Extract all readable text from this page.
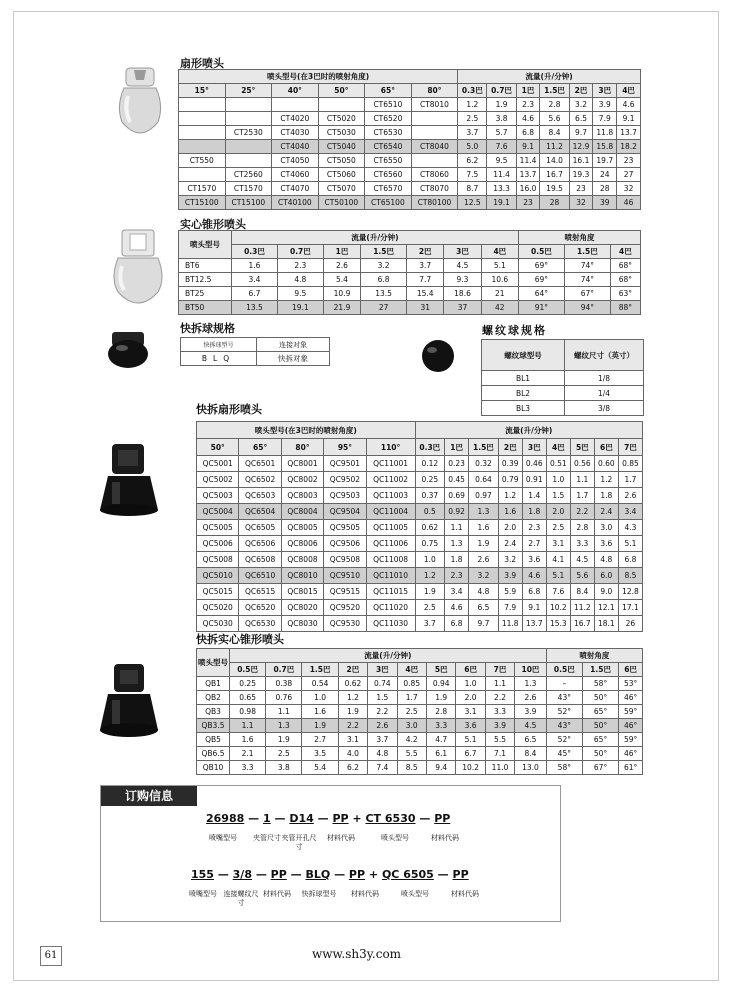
扇形喷头
喷头型号(在3巴时的喷射角度)						流量(升/分钟)						
15°	25°	40°	50°	65°	80°	0.3巴	0.7巴	1巴	1.5巴	2巴	3巴	4巴
				CT6510	CT8010	1.2	1.9	2.3	2.8	3.2	3.9	4.6
		CT4020	CT5020	CT6520		2.5	3.8	4.6	5.6	6.5	7.9	9.1
	CT2530	CT4030	CT5030	CT6530		3.7	5.7	6.8	8.4	9.7	11.8	13.7
		CT4040	CT5040	CT6540	CT8040	5.0	7.6	9.1	11.2	12.9	15.8	18.2
CT550		CT4050	CT5050	CT6550		6.2	9.5	11.4	14.0	16.1	19.7	23
	CT2560	CT4060	CT5060	CT6560	CT8060	7.5	11.4	13.7	16.7	19.3	24	27
CT1570	CT1570	CT4070	CT5070	CT6570	CT8070	8.7	13.3	16.0	19.5	23	28	32
CT15100	CT15100	CT40100	CT50100	CT65100	CT80100	12.5	19.1	23	28	32	39	46
实心锥形喷头
喷头型号	流量(升/分钟)							喷射角度		
	0.3巴	0.7巴	1巴	1.5巴	2巴	3巴	4巴	0.5巴	1.5巴	4巴
BT6	1.6	2.3	2.6	3.2	3.7	4.5	5.1	69°	74°	68°
BT12.5	3.4	4.8	5.4	6.8	7.7	9.3	10.6	69°	74°	68°
BT25	6.7	9.5	10.9	13.5	15.4	18.6	21	64°	67°	63°
BT50	13.5	19.1	21.9	27	31	37	42	91°	94°	88°
快拆球规格
快拆球型号	连接对象
BLQ	快拆对象
螺纹球规格
螺纹球型号	螺纹尺寸（英寸）
BL1	1/8
BL2	1/4
BL3	3/8
快拆扇形喷头
喷头型号(在3巴时的喷射角度)					流量(升/分钟)								
50°	65°	80°	95°	110°	0.3巴	1巴	1.5巴	2巴	3巴	4巴	5巴	6巴	7巴
QC5001	QC6501	QC8001	QC9501	QC11001	0.12	0.23	0.32	0.39	0.46	0.51	0.56	0.60	0.85
QC5002	QC6502	QC8002	QC9502	QC11002	0.25	0.45	0.64	0.79	0.91	1.0	1.1	1.2	1.7
QC5003	QC6503	QC8003	QC9503	QC11003	0.37	0.69	0.97	1.2	1.4	1.5	1.7	1.8	2.6
QC5004	QC6504	QC8004	QC9504	QC11004	0.5	0.92	1.3	1.6	1.8	2.0	2.2	2.4	3.4
QC5005	QC6505	QC8005	QC9505	QC11005	0.62	1.1	1.6	2.0	2.3	2.5	2.8	3.0	4.3
QC5006	QC6506	QC8006	QC9506	QC11006	0.75	1.3	1.9	2.4	2.7	3.1	3.3	3.6	5.1
QC5008	QC6508	QC8008	QC9508	QC11008	1.0	1.8	2.6	3.2	3.6	4.1	4.5	4.8	6.8
QC5010	QC6510	QC8010	QC9510	QC11010	1.2	2.3	3.2	3.9	4.6	5.1	5.6	6.0	8.5
QC5015	QC6515	QC8015	QC9515	QC11015	1.9	3.4	4.8	5.9	6.8	7.6	8.4	9.0	12.8
QC5020	QC6520	QC8020	QC9520	QC11020	2.5	4.6	6.5	7.9	9.1	10.2	11.2	12.1	17.1
QC5030	QC6530	QC8030	QC9530	QC11030	3.7	6.8	9.7	11.8	13.7	15.3	16.7	18.1	26
快拆实心锥形喷头
喷头型号	流量(升/分钟)										喷射角度		
	0.5巴	0.7巴	1.5巴	2巴	3巴	4巴	5巴	6巴	7巴	10巴	0.5巴	1.5巴	6巴
QB1	0.25	0.38	0.54	0.62	0.74	0.85	0.94	1.0	1.1	1.3	–	58°	53°
QB2	0.65	0.76	1.0	1.2	1.5	1.7	1.9	2.0	2.2	2.6	43°	50°	46°
QB3	0.98	1.1	1.6	1.9	2.2	2.5	2.8	3.1	3.3	3.9	52°	65°	59°
QB3.5	1.1	1.3	1.9	2.2	2.6	3.0	3.3	3.6	3.9	4.5	43°	50°	46°
QB5	1.6	1.9	2.7	3.1	3.7	4.2	4.7	5.1	5.5	6.5	52°	65°	59°
QB6.5	2.1	2.5	3.5	4.0	4.8	5.5	6.1	6.7	7.1	8.4	45°	50°	46°
QB10	3.3	3.8	5.4	6.2	7.4	8.5	9.4	10.2	11.0	13.0	58°	67°	61°
订购信息
26988 — 1 — D14 — PP + CT 6530 — PP
喷嘴型号	夹管尺寸 夹管开孔尺寸
材料代码	喷头型号	材料代码
155 — 3/8 — PP — BLQ — PP + QC 6505 — PP
喷嘴型号 连接螺纹尺寸
材料代码	快拆球型号	材料代码	喷头型号	材料代码
61	www.sh3y.com
